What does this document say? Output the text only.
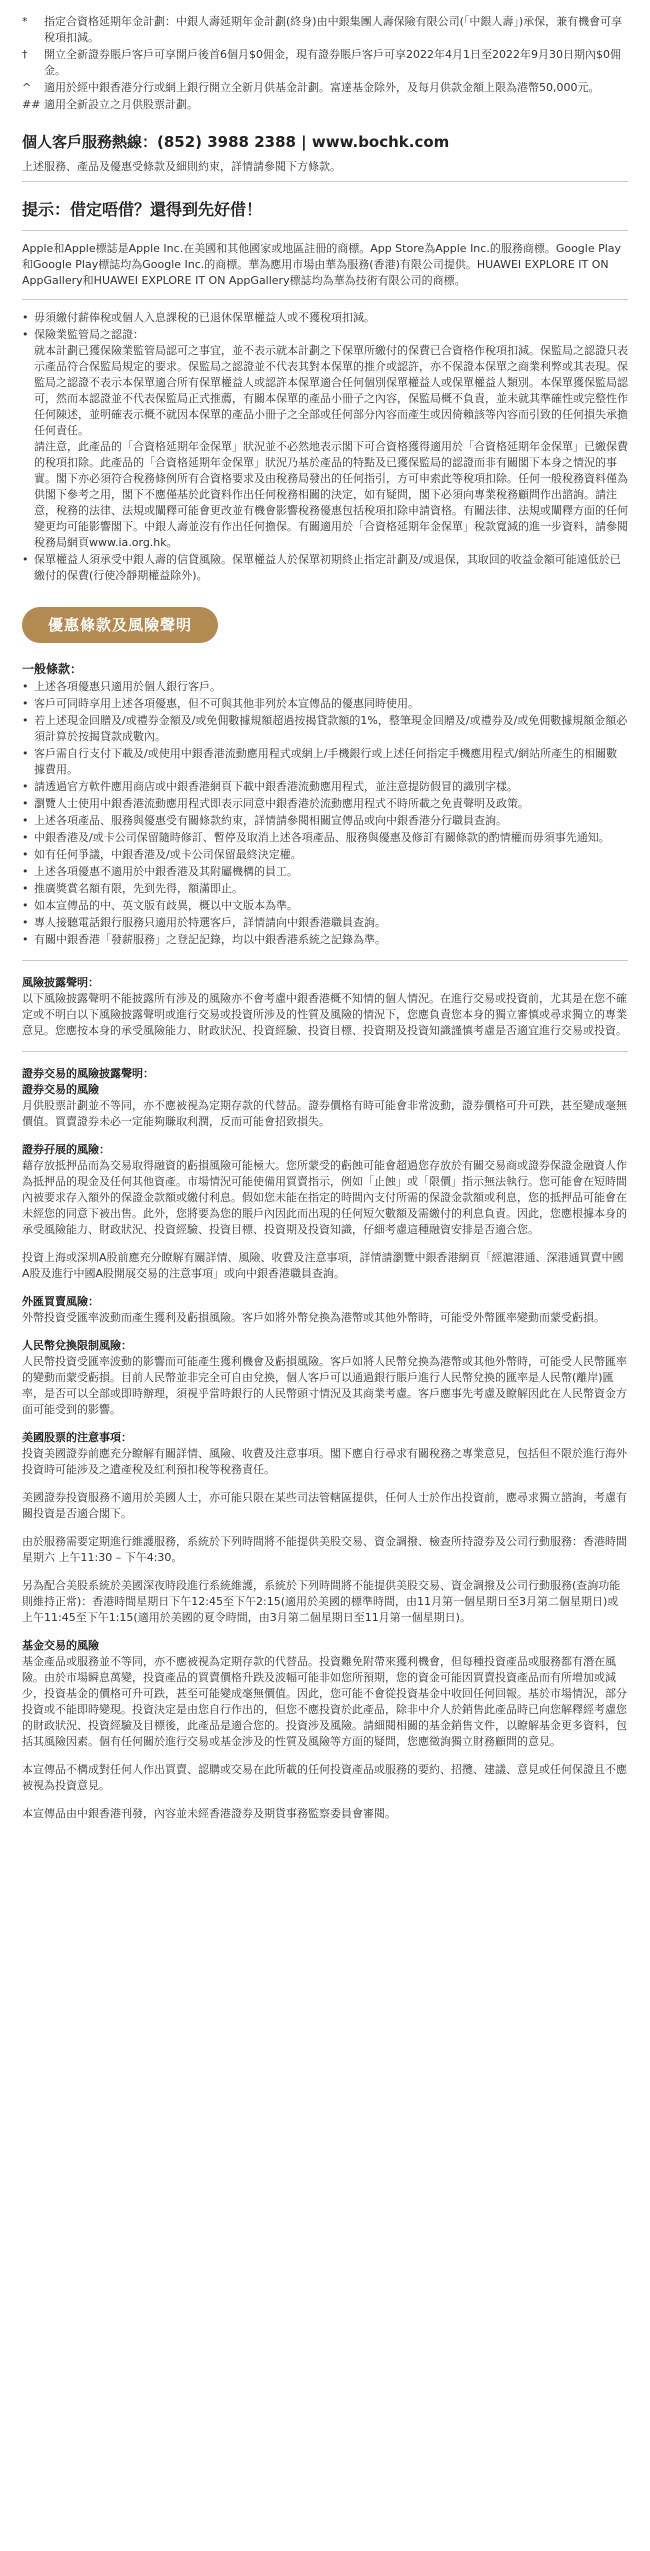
*	指定合資格延期年金計劃：中銀人壽延期年金計劃(終身)由中銀集團人壽保險有限公司(「中銀人壽」)承保，兼有機會可享稅項扣減。
†	開立全新證券賬戶客戶可享開戶後首6個月$0佣金，現有證券賬戶客戶可享2022年4月1日至2022年9月30日期內$0佣金。
^	適用於經中銀香港分行或網上銀行開立全新月供基金計劃。富達基金除外，及每月供款金額上限為港幣50,000元。
## 適用全新設立之月供股票計劃。
個人客戶服務熱線：(852) 3988 2388 | www.bochk.com

上述服務、產品及優惠受條款及細則約束，詳情請參閱下方條款。

提示：借定唔借？還得到先好借！
Apple和Apple標誌是Apple Inc.在美國和其他國家或地區註冊的商標。App Store為Apple Inc.的服務商標。Google Play和Google Play標誌均為Google Inc.的商標。華為應用市場由華為服務(香港)有限公司提供。HUAWEI EXPLORE IT ON AppGallery和HUAWEI EXPLORE IT ON AppGallery標誌均為華為技術有限公司的商標。

• 毋須繳付薪俸稅或個人入息課稅的已退休保單權益人或不獲稅項扣減。

• 保險業監管局之認證：

就本計劃已獲保險業監管局認可之事宜，並不表示就本計劃之下保單所繳付的保費已合資格作稅項扣減。保監局之認證只表示產品符合保監局規定的要求。保監局之認證並不代表其對本保單的推介或認許，亦不保證本保單之商業利弊或其表現。保監局之認證不表示本保單適合所有保單權益人或認許本保單適合任何個別保單權益人或保單權益人類別。本保單獲保監局認可，然而本認證並不代表保監局正式推薦，有關本保單的產品小冊子之內容，保監局概不負責，並未就其準確性或完整性作任何陳述，並明確表示概不就因本保單的產品小冊子之全部或任何部分內容而產生或因倚賴該等內容而引致的任何損失承擔任何責任。

請注意，此產品的「合資格延期年金保單」狀況並不必然地表示閣下可合資格獲得適用於「合資格延期年金保單」已繳保費的稅項扣除。此產品的「合資格延期年金保單」狀況乃基於產品的特點及已獲保監局的認證而非有關閣下本身之情況的事實。閣下亦必須符合稅務條例所有合資格要求及由稅務局發出的任何指引，方可申索此等稅項扣除。任何一般稅務資料僅為供閣下參考之用，閣下不應僅基於此資料作出任何稅務相關的決定，如有疑問，閣下必須向專業稅務顧問作出諮詢。請注意，稅務的法律、法規或闡釋可能會更改並有機會影響稅務優惠包括稅項扣除申請資格。有關法律、法規或闡釋方面的任何變更均可能影響閣下。中銀人壽並沒有作出任何擔保。有關適用於「合資格延期年金保單」稅款寬減的進一步資料，請參閱稅務局網頁www.ia.org.hk。

• 保單權益人須承受中銀人壽的信貸風險。保單權益人於保單初期終止指定計劃及/或退保，其取回的收益金額可能遠低於已繳付的保費(行使冷靜期權益除外)。

優惠條款及風險聲明
一般條款：
• 上述各項優惠只適用於個人銀行客戶。
• 客戶可同時享用上述各項優惠，但不可與其他非列於本宣傳品的優惠同時使用。
• 若上述現金回贈及/或禮券金額及/或免佣數據規額超過按揭貸款額的1%，整筆現金回贈及/或禮券及/或免佣數據規額金額必須計算於按揭貸款成數內。
• 客戶需自行支付下載及/或使用中銀香港流動應用程式或網上/手機銀行或上述任何指定手機應用程式/網站所產生的相關數據費用。
• 請透過官方軟件應用商店或中銀香港網頁下載中銀香港流動應用程式，並注意提防假冒的識別字樣。
• 瀏覽人士使用中銀香港流動應用程式即表示同意中銀香港於流動應用程式不時所載之免責聲明及政策。
• 上述各項產品、服務與優惠受有關條款約束，詳情請參閱相關宣傳品或向中銀香港分行職員查詢。
• 中銀香港及/或卡公司保留隨時修訂、暫停及取消上述各項產品、服務與優惠及修訂有關條款的酌情權而毋須事先通知。
• 如有任何爭議，中銀香港及/或卡公司保留最終決定權。
• 上述各項優惠不適用於中銀香港及其附屬機構的員工。
• 推廣獎賞名額有限，先到先得，額滿即止。
• 如本宣傳品的中、英文版有歧異，概以中文版本為準。
• 專人接聽電話銀行服務只適用於特選客戶，詳情請向中銀香港職員查詢。
• 有關中銀香港「發薪服務」之登記記錄，均以中銀香港系統之記錄為準。
風險披露聲明：

以下風險披露聲明不能披露所有涉及的風險亦不會考慮中銀香港概不知情的個人情況。在進行交易或投資前，尤其是在您不確定或不明白以下風險披露聲明或進行交易或投資所涉及的性質及風險的情況下，您應負責您本身的獨立審慎或尋求獨立的專業意見。您應按本身的承受風險能力、財政狀況、投資經驗、投資目標、投資期及投資知識謹慎考慮是否適宜進行交易或投資。

證券交易的風險披露聲明：
證券交易的風險

月供股票計劃並不等同，亦不應被視為定期存款的代替品。證券價格有時可能會非常波動，證券價格可升可跌，甚至變成毫無價值。買賣證券未必一定能夠賺取利潤，反而可能會招致損失。

證券孖展的風險：

藉存放抵押品而為交易取得融資的虧損風險可能極大。您所蒙受的虧蝕可能會超過您存放於有關交易商或證券保證金融資人作為抵押品的現金及任何其他資產。市場情況可能使備用買賣指示，例如「止蝕」或「限價」指示無法執行。您可能會在短時間內被要求存入額外的保證金款額或繳付利息。假如您未能在指定的時間內支付所需的保證金款額或利息，您的抵押品可能會在未經您的同意下被出售。此外，您將要為您的賬戶內因此而出現的任何短欠數額及需繳付的利息負責。因此，您應根據本身的承受風險能力、財政狀況、投資經驗、投資目標、投資期及投資知識，仔細考慮這種融資安排是否適合您。

投資上海或深圳A股前應充分瞭解有關詳情、風險、收費及注意事項，詳情請瀏覽中銀香港網頁「經滬港通、深港通買賣中國A股及進行中國A股開展交易的注意事項」或向中銀香港職員查詢。

外匯買賣風險：

外幣投資受匯率波動而產生獲利及虧損風險。客戶如將外幣兌換為港幣或其他外幣時，可能受外幣匯率變動而蒙受虧損。

人民幣兌換限制風險：

人民幣投資受匯率波動的影響而可能產生獲利機會及虧損風險。客戶如將人民幣兌換為港幣或其他外幣時，可能受人民幣匯率的變動而蒙受虧損。目前人民幣並非完全可自由兌換，個人客戶可以通過銀行賬戶進行人民幣兌換的匯率是人民幣(離岸)匯率，是否可以全部或即時辦理，須視乎當時銀行的人民幣頭寸情況及其商業考慮。客戶應事先考慮及瞭解因此在人民幣資金方面可能受到的影響。

美國股票的注意事項：

投資美國證券前應充分瞭解有關詳情、風險、收費及注意事項。閣下應自行尋求有關稅務之專業意見，包括但不限於進行海外投資時可能涉及之遺產稅及紅利預扣稅等稅務責任。

美國證券投資服務不適用於美國人士，亦可能只限在某些司法管轄區提供，任何人士於作出投資前，應尋求獨立諮詢，考慮有關投資是否適合閣下。

由於服務需要定期進行維護服務，系統於下列時間將不能提供美股交易、資金調撥、檢查所持證券及公司行動服務：香港時間星期六 上午11:30 – 下午4:30。

另為配合美股系統於美國深夜時段進行系統維護，系統於下列時間將不能提供美股交易、資金調撥及公司行動服務(查詢功能則維持正常)：香港時間星期日下午12:45至下午2:15(適用於美國的標準時間，由11月第一個星期日至3月第二個星期日)或上午11:45至下午1:15(適用於美國的夏令時間，由3月第二個星期日至11月第一個星期日)。

基金交易的風險

基金產品或服務並不等同，亦不應被視為定期存款的代替品。投資難免附帶來獲利機會，但每種投資產品或服務都有潛在風險。由於市場瞬息萬變，投資產品的買賣價格升跌及波幅可能非如您所預期，您的資金可能因買賣投資產品而有所增加或減少，投資基金的價格可升可跌，甚至可能變成毫無價值。因此，您可能不會從投資基金中收回任何回報。基於市場情況，部分投資或不能即時變現。投資決定是由您自行作出的，但您不應投資於此產品，除非中介人於銷售此產品時已向您解釋經考慮您的財政狀況、投資經驗及目標後，此產品是適合您的。投資涉及風險。請細閱相關的基金銷售文件，以瞭解基金更多資料，包括其風險因素。個有任何關於進行交易或基金涉及的性質及風險等方面的疑問，您應徵詢獨立財務顧問的意見。

本宣傳品不構成對任何人作出買賣、認購或交易在此所載的任何投資產品或服務的要約、招攬、建議、意見或任何保證且不應被視為投資意見。

本宣傳品由中銀香港刊發，內容並未經香港證券及期貨事務監察委員會審閱。
